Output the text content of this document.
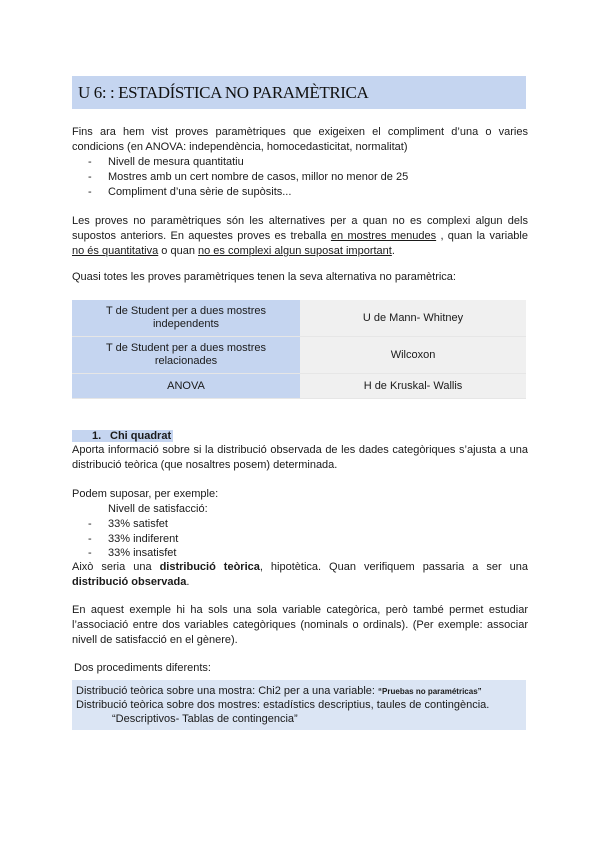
U 6: : ESTADÍSTICA NO PARAMÈTRICA
Fins ara hem vist proves paramètriques que exigeixen el compliment d’una o varies
condicions (en ANOVA: independència, homocedasticitat, normalitat)
- Nivell de mesura quantitatiu
- Mostres amb un cert nombre de casos, millor no menor de 25
- Compliment d’una sèrie de supòsits...
Les proves no paramètriques són les alternatives per a quan no es complexi algun dels
supostos anteriors. En aquestes proves es treballa en mostres menudes , quan la variable
no és quantitativa o quan no es complexi algun suposat important.
Quasi totes les proves paramètriques tenen la seva alternativa no paramètrica:
T de Student per a dues mostres independents	U de Mann- Whitney
T de Student per a dues mostres relacionades	Wilcoxon
ANOVA	H de Kruskal- Wallis
1. Chi quadrat
Aporta informació sobre si la distribució observada de les dades categòriques s’ajusta a una
distribució teòrica (que nosaltres posem) determinada.
Podem suposar, per exemple:
Nivell de satisfacció:
- 33% satisfet
- 33% indiferent
- 33% insatisfet
Això seria una distribució teòrica, hipotètica. Quan verifiquem passaria a ser una
distribució observada.
En aquest exemple hi ha sols una sola variable categòrica, però també permet estudiar
l’associació entre dos variables categòriques (nominals o ordinals). (Per exemple: associar
nivell de satisfacció en el gènere).
Dos procediments diferents:
Distribució teòrica sobre una mostra: Chi2 per a una variable: “Pruebas no paramétricas”
Distribució teòrica sobre dos mostres: estadístics descriptius, taules de contingència.
“Descriptivos- Tablas de contingencia”
